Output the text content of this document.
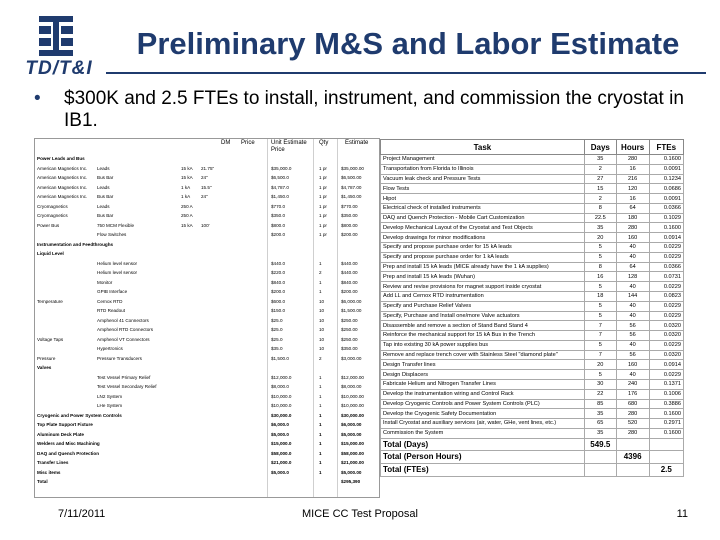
TD/T&I
Preliminary M&S and Labor Estimate
• $300K and 2.5 FTEs to install, instrument, and commission the cryostat in IB1.
DM Price	Unit Estimate
Price
Qty	Estimate
Power Leads and Bus
American Magnetics Inc.	Leads	15 kA	21.75"	$35,000.0	1 pr	$35,000.00
American Magnetics Inc.	Bus Bar	15 kA	24"	$6,500.0	1 pr	$6,500.00
American Magnetics Inc.	Leads	1 kA	15.5"	$4,787.0	1 pr	$4,787.00
American Magnetics Inc.	Bus Bar	1 kA	24"	$1,450.0	1 pr	$1,450.00
Cryomagnetics	Leads	250 A	$770.0	1 pr	$770.00
Cryomagnetics	Bus Bar	250 A	$350.0	1 pr	$350.00
Power Bus	750 MCM Flexible	15 kA	100'	$800.0	1 pr	$800.00
Flow Switches	$200.0	1 pr	$200.00
Instrumentation and Feedthroughs
Liquid Level
Helium level sensor	$440.0	1	$440.00
Helium level sensor	$220.0	2	$440.00
Monitor	$840.0	1	$840.00
GPIB Interface	$200.0	1	$200.00
Temperature	Cernox RTD	$600.0	10	$6,000.00
RTD Readout	$150.0	10	$1,500.00
Amphenol 41 Connectors	$25.0	10	$250.00
Amphenol RTD Connectors	$25.0	10	$250.00
Voltage Taps	Amphenol VT Connectors	$25.0	10	$250.00
Hypertronics	$35.0	10	$350.00
Pressure	Pressure Transducers	$1,500.0	2	$3,000.00
Valves
Test Vessel Primary Relief	$12,000.0	1	$12,000.00
Test Vessel Secondary Relief	$8,000.0	1	$8,000.00
LN2 System	$10,000.0	1	$10,000.00
LHe System	$10,000.0	1	$10,000.00
Cryogenic and Power System Controls	$30,000.0	1	$30,000.00
Top Plate Support Fixture	$6,000.0	1	$6,000.00
Aluminum Deck Plate	$5,000.0	1	$5,000.00
Welders and Misc Machining	$15,000.0	1	$15,000.00
DAQ and Quench Protection	$58,000.0	1	$58,000.00
Transfer Lines	$21,000.0	1	$21,000.00
Misc items	$5,000.0	1	$5,000.00
Total	$295,390
Task	Days	Hours	FTEs
Project Management	35	280	0.1600
Transportation from Florida to Illinois	2	16	0.0091
Vacuum leak check and Pressure Tests	27	216	0.1234
Flow Tests	15	120	0.0686
Hipot	2	16	0.0091
Electrical check of installed instruments	8	64	0.0366
DAQ and Quench Protection - Mobile Cart Customization	22.5	180	0.1029
Develop Mechanical Layout of the Cryostat and Test Objects	35	280	0.1600
Develop drawings for minor modifications	20	160	0.0914
Specify and propose purchase order for 15 kA leads	5	40	0.0229
Specify and propose purchase order for 1 kA leads	5	40	0.0229
Prep and install 15 kA leads (MICE already have the 1 kA supplies)	8	64	0.0366
Prep and install 15 kA leads (Wuhan)	16	128	0.0731
Review and revise provisions for magnet support inside cryostat	5	40	0.0229
Add LL and Cernox RTD instrumentation	18	144	0.0823
Specify and Purchase Relief Valves	5	40	0.0229
Specify, Purchase and Install one/more Valve actuators	5	40	0.0229
Disassemble and remove a section of Stand Band Stand 4	7	56	0.0320
Reinforce the mechanical support for 15 kA Bus in the Trench	7	56	0.0320
Tap into existing 30 kA power supplies bus	5	40	0.0229
Remove and replace trench cover with Stainless Steel "diamond plate"	7	56	0.0320
Design Transfer lines	20	160	0.0914
Design Displacers	5	40	0.0229
Fabricate Helium and Nitrogen Transfer Lines	30	240	0.1371
Develop the instrumentation wiring and Control Rack	22	176	0.1006
Develop Cryogenic Controls and Power System Controls (PLC)	85	680	0.3886
Develop the Cryogenic Safety Documentation	35	280	0.1600
Install Cryostat and auxiliary services (air, water, GHe, vent lines, etc.)	65	520	0.2971
Commission the System	35	280	0.1600
Total (Days)	549.5		
Total (Person Hours)		4396	
Total (FTEs)			2.5
7/11/2011	MICE CC Test Proposal	11
